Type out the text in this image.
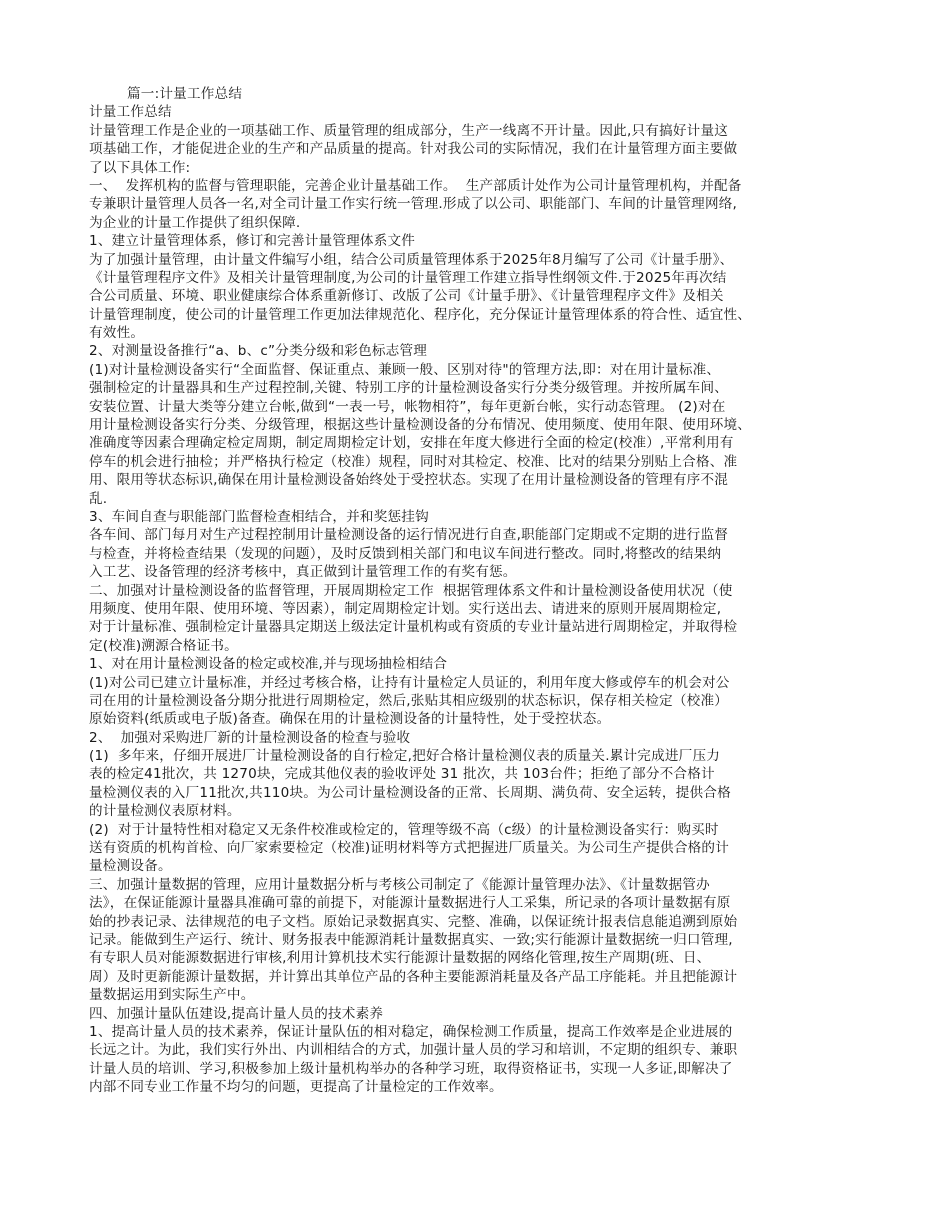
篇一:计量工作总结
计量工作总结
计量管理工作是企业的一项基础工作、质量管理的组成部分，生产一线离不开计量。因此,只有搞好计量这
项基础工作，才能促进企业的生产和产品质量的提高。针对我公司的实际情况，我们在计量管理方面主要做
了以下具体工作:
一、  发挥机构的监督与管理职能，完善企业计量基础工作。  生产部质计处作为公司计量管理机构，并配备
专兼职计量管理人员各一名,对全司计量工作实行统一管理.形成了以公司、职能部门、车间的计量管理网络,
为企业的计量工作提供了组织保障.
1、建立计量管理体系，修订和完善计量管理体系文件
为了加强计量管理，由计量文件编写小组，结合公司质量管理体系于2025年8月编写了公司《计量手册》、
《计量管理程序文件》及相关计量管理制度,为公司的计量管理工作建立指导性纲领文件.于2025年再次结
合公司质量、环境、职业健康综合体系重新修订、改版了公司《计量手册》、《计量管理程序文件》及相关
计量管理制度，使公司的计量管理工作更加法律规范化、程序化，充分保证计量管理体系的符合性、适宜性、
有效性。
2、对测量设备推行“a、b、c”分类分级和彩色标志管理
(1)对计量检测设备实行“全面监督、保证重点、兼顾一般、区别对待"的管理方法,即：对在用计量标准、
强制检定的计量器具和生产过程控制,关键、特别工序的计量检测设备实行分类分级管理。并按所属车间、
安装位置、计量大类等分建立台帐,做到“一表一号，帐物相符”，每年更新台帐，实行动态管理。 (2)对在
用计量检测设备实行分类、分级管理，根据这些计量检测设备的分布情况、使用频度、使用年限、使用环境、
准确度等因素合理确定检定周期，制定周期检定计划，安排在年度大修进行全面的检定(校准）,平常利用有
停车的机会进行抽检；并严格执行检定（校准）规程，同时对其检定、校准、比对的结果分别贴上合格、准
用、限用等状态标识,确保在用计量检测设备始终处于受控状态。实现了在用计量检测设备的管理有序不混
乱.
3、车间自查与职能部门监督检查相结合，并和奖惩挂钩
各车间、部门每月对生产过程控制用计量检测设备的运行情况进行自查,职能部门定期或不定期的进行监督
与检查，并将检查结果（发现的问题），及时反馈到相关部门和电议车间进行整改。同时,将整改的结果纳
入工艺、设备管理的经济考核中，真正做到计量管理工作的有奖有惩。
二、加强对计量检测设备的监督管理，开展周期检定工作  根据管理体系文件和计量检测设备使用状况（使
用频度、使用年限、使用环境、等因素），制定周期检定计划。实行送出去、请进来的原则开展周期检定,
对于计量标准、强制检定计量器具定期送上级法定计量机构或有资质的专业计量站进行周期检定，并取得检
定(校准)溯源合格证书。
1、对在用计量检测设备的检定或校准,并与现场抽检相结合
(1)对公司已建立计量标准，并经过考核合格，让持有计量检定人员证的，利用年度大修或停车的机会对公
司在用的计量检测设备分期分批进行周期检定，然后,张贴其相应级别的状态标识，保存相关检定（校准）
原始资料(纸质或电子版)备查。确保在用的计量检测设备的计量特性，处于受控状态。
2、  加强对采购进厂新的计量检测设备的检查与验收
(1)  多年来，仔细开展进厂计量检测设备的自行检定,把好合格计量检测仪表的质量关.累计完成进厂压力
表的检定41批次，共 1270块，完成其他仪表的验收评处 31 批次，共 103台件；拒绝了部分不合格计
量检测仪表的入厂11批次,共110块。为公司计量检测设备的正常、长周期、满负荷、安全运转，提供合格
的计量检测仪表原材料。
(2)  对于计量特性相对稳定又无条件校准或检定的，管理等级不高（c级）的计量检测设备实行：购买时
送有资质的机构首检、向厂家索要检定（校准)证明材料等方式把握进厂质量关。为公司生产提供合格的计
量检测设备。
三、加强计量数据的管理，应用计量数据分析与考核公司制定了《能源计量管理办法》、《计量数据管办
法》，在保证能源计量器具准确可靠的前提下，对能源计量数据进行人工采集，所记录的各项计量数据有原
始的抄表记录、法律规范的电子文档。原始记录数据真实、完整、准确，以保证统计报表信息能追溯到原始
记录。能做到生产运行、统计、财务报表中能源消耗计量数据真实、一致;实行能源计量数据统一归口管理,
有专职人员对能源数据进行审核,利用计算机技术实行能源计量数据的网络化管理,按生产周期(班、日、
周）及时更新能源计量数据，并计算出其单位产品的各种主要能源消耗量及各产品工序能耗。并且把能源计
量数据运用到实际生产中。
四、加强计量队伍建设,提高计量人员的技术素养
1、提高计量人员的技术素养，保证计量队伍的相对稳定，确保检测工作质量，提高工作效率是企业进展的
长远之计。为此，我们实行外出、内训相结合的方式，加强计量人员的学习和培训，不定期的组织专、兼职
计量人员的培训、学习,积极参加上级计量机构举办的各种学习班，取得资格证书，实现一人多证,即解决了
内部不同专业工作量不均匀的问题，更提高了计量检定的工作效率。
